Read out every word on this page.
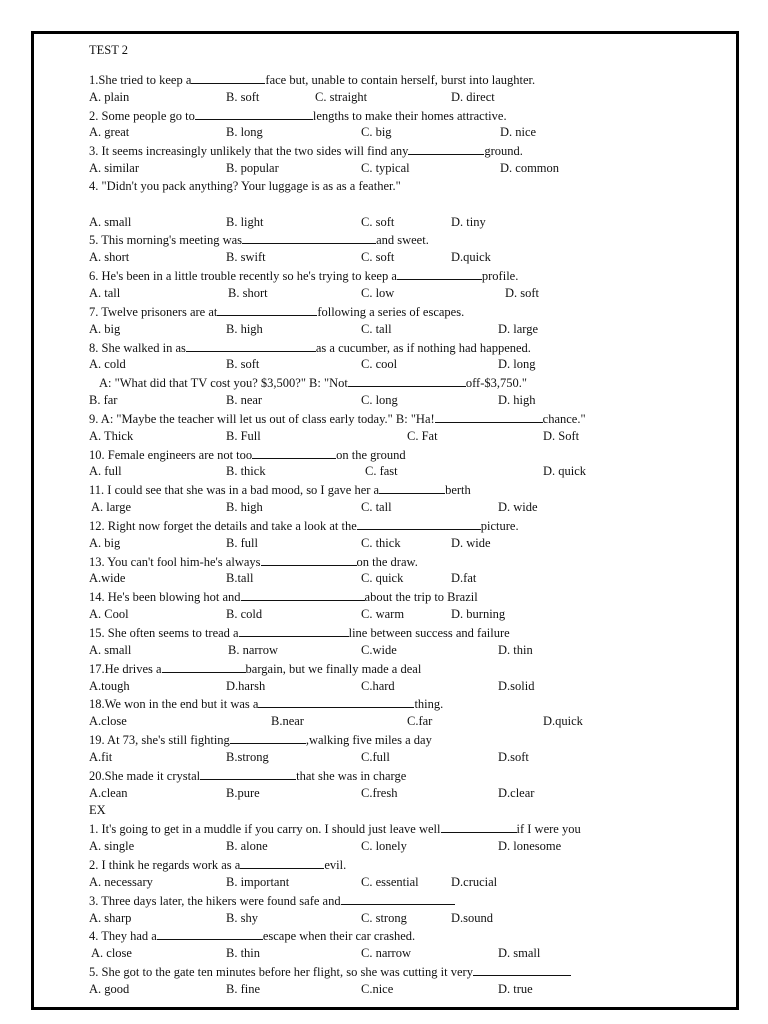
TEST 2
1.She tried to keep a	face but, unable to contain herself, burst into laughter.
A. plain	B. soft	C. straight	D. direct
2. Some people go to	lengths to make their homes attractive.
A. great	B. long	C. big	D. nice
3. It seems increasingly unlikely that the two sides will find any	ground.
A. similar	B. popular	C. typical	D. common
4. "Didn't you pack anything? Your luggage is as as a feather."
A. small	B. light	C. soft	D. tiny
5. This morning's meeting was	and sweet.
A. short	B. swift	C. soft	D.quick
6. He's been in a little trouble recently so he's trying to keep a	profile.
A. tall	B. short	C. low	D. soft
7. Twelve prisoners are at	following a series of escapes.
A. big	B. high	C. tall	D. large
8. She walked in as	as a cucumber, as if nothing had happened.
A. cold	B. soft	C. cool	D. long
A: "What did that TV cost you? $3,500?" B: "Not	off-$3,750."
B. far	B. near	C. long	D. high
9. A: "Maybe the teacher will let us out of class early today." B: "Ha!	chance."
A. Thick	B. Full	C. Fat	D. Soft
10. Female engineers are not too	on the ground
A. full	B. thick	C. fast	D. quick
11. I could see that she was in a bad mood, so I gave her a	berth
A. large	B. high	C. tall	D. wide
12. Right now forget the details and take a look at the	picture.
A. big	B. full	C. thick	D. wide
13. You can't fool him-he's always	on the draw.
A.wide	B.tall	C. quick	D.fat
14. He's been blowing hot and	about the trip to Brazil
A. Cool	B. cold	C. warm	D. burning
15. She often seems to tread a	line between success and failure
A. small	B. narrow	C.wide	D. thin
17.He drives a	bargain, but we finally made a deal
A.tough	D.harsh	C.hard	D.solid
18.We won in the end but it was a	thing.
A.close	B.near	C.far	D.quick
19. At 73, she's still fighting	,walking five miles a day
A.fit	B.strong	C.full	D.soft
20.She made it crystal	that she was in charge
A.clean	B.pure	C.fresh	D.clear
EX
1. It's going to get in a muddle if you carry on. I should just leave well	if I were you
A. single	B. alone	C. lonely	D. lonesome
2. I think he regards work as a	evil.
A. necessary	B. important	C. essential	D.crucial
3. Three days later, the hikers were found safe and
A. sharp	B. shy	C. strong	D.sound
4. They had a	escape when their car crashed.
A. close	B. thin	C. narrow	D. small
5. She got to the gate ten minutes before her flight, so she was cutting it very
A. good	B. fine	C.nice	D. true
